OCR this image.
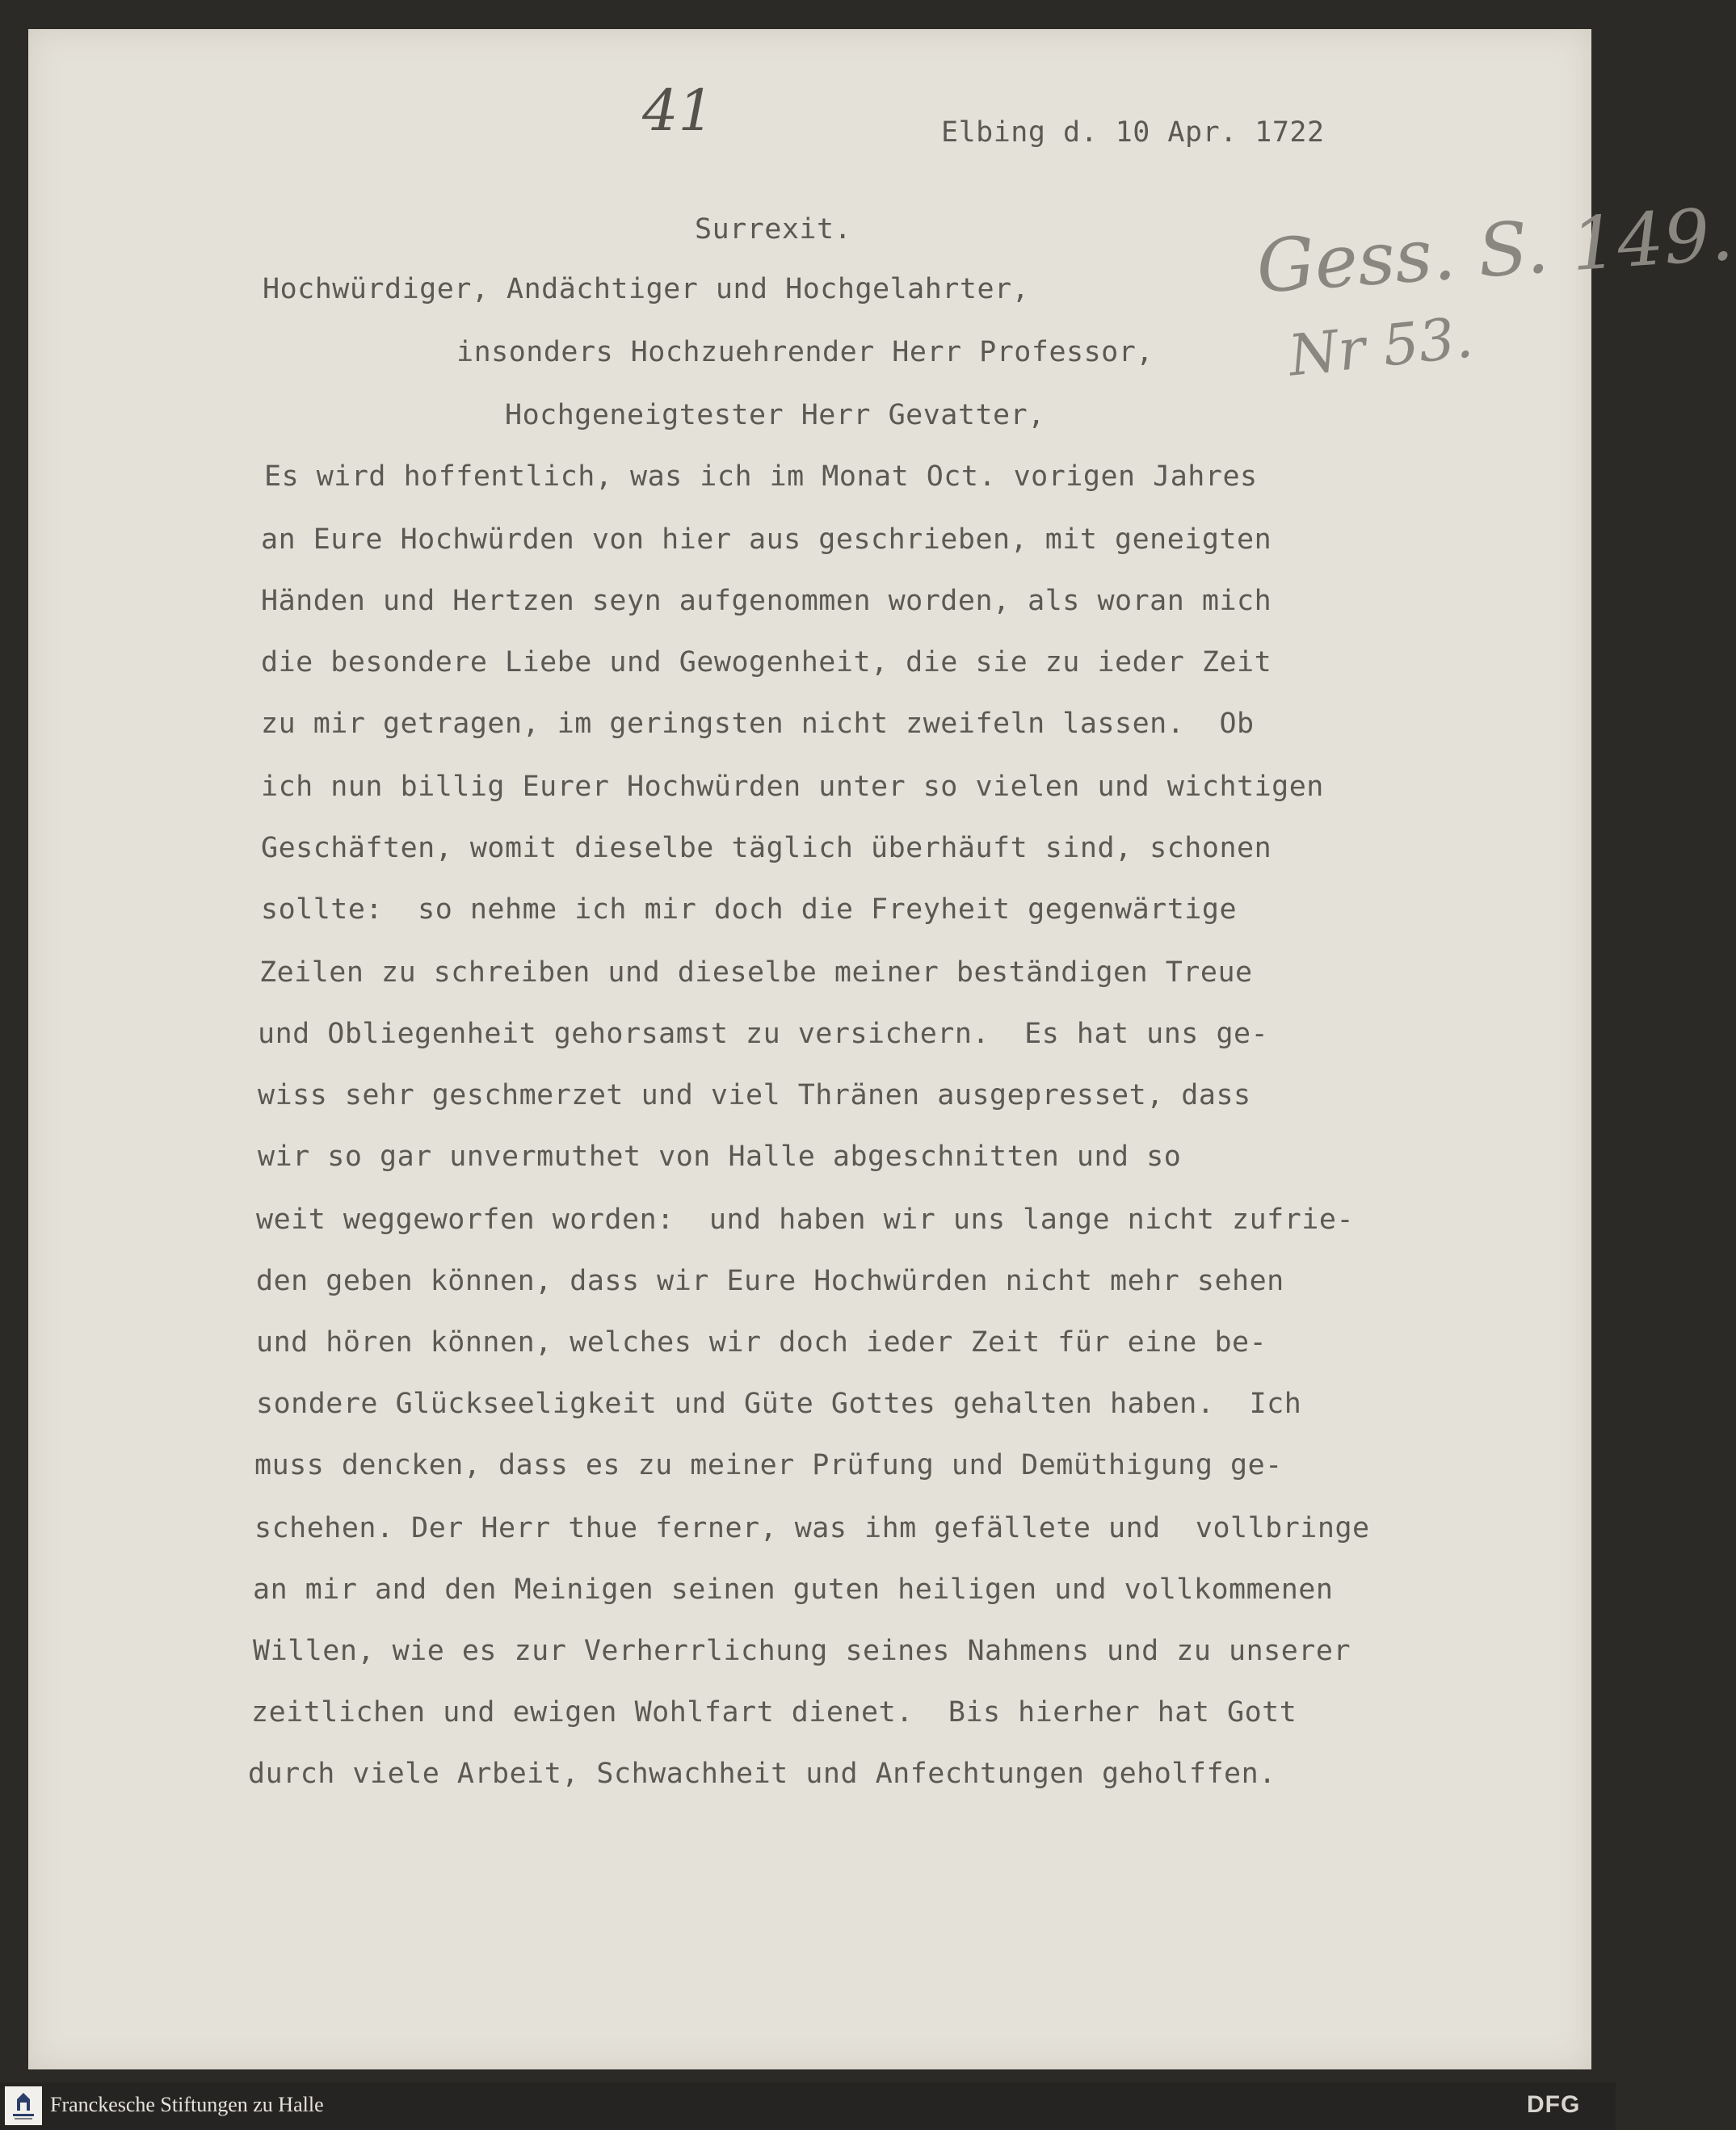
41	Elbing d. 10 Apr. 1722

Gess. S. 149.

Nr 53.

Surrexit.

Hochwürdiger, Andächtiger und Hochgelahrter,

insonders Hochzuehrender Herr Professor,

Hochgeneigtester Herr Gevatter,

Es wird hoffentlich, was ich im Monat Oct. vorigen Jahres

an Eure Hochwürden von hier aus geschrieben, mit geneigten

Händen und Hertzen seyn aufgenommen worden, als woran mich

die besondere Liebe und Gewogenheit, die sie zu ieder Zeit

zu mir getragen, im geringsten nicht zweifeln lassen.  Ob

ich nun billig Eurer Hochwürden unter so vielen und wichtigen

Geschäften, womit dieselbe täglich überhäuft sind, schonen

sollte:  so nehme ich mir doch die Freyheit gegenwärtige

Zeilen zu schreiben und dieselbe meiner beständigen Treue

und Obliegenheit gehorsamst zu versichern.  Es hat uns ge-

wiss sehr geschmerzet und viel Thränen ausgepresset, dass

wir so gar unvermuthet von Halle abgeschnitten und so

weit weggeworfen worden:  und haben wir uns lange nicht zufrie-

den geben können, dass wir Eure Hochwürden nicht mehr sehen

und hören können, welches wir doch ieder Zeit für eine be-

sondere Glückseeligkeit und Güte Gottes gehalten haben.  Ich

muss dencken, dass es zu meiner Prüfung und Demüthigung ge-

schehen. Der Herr thue ferner, was ihm gefällete und  vollbringe

an mir and den Meinigen seinen guten heiligen und vollkommenen

Willen, wie es zur Verherrlichung seines Nahmens und zu unserer

zeitlichen und ewigen Wohlfart dienet.  Bis hierher hat Gott

durch viele Arbeit, Schwachheit und Anfechtungen geholffen.

Franckesche Stiftungen zu Halle	DFG
